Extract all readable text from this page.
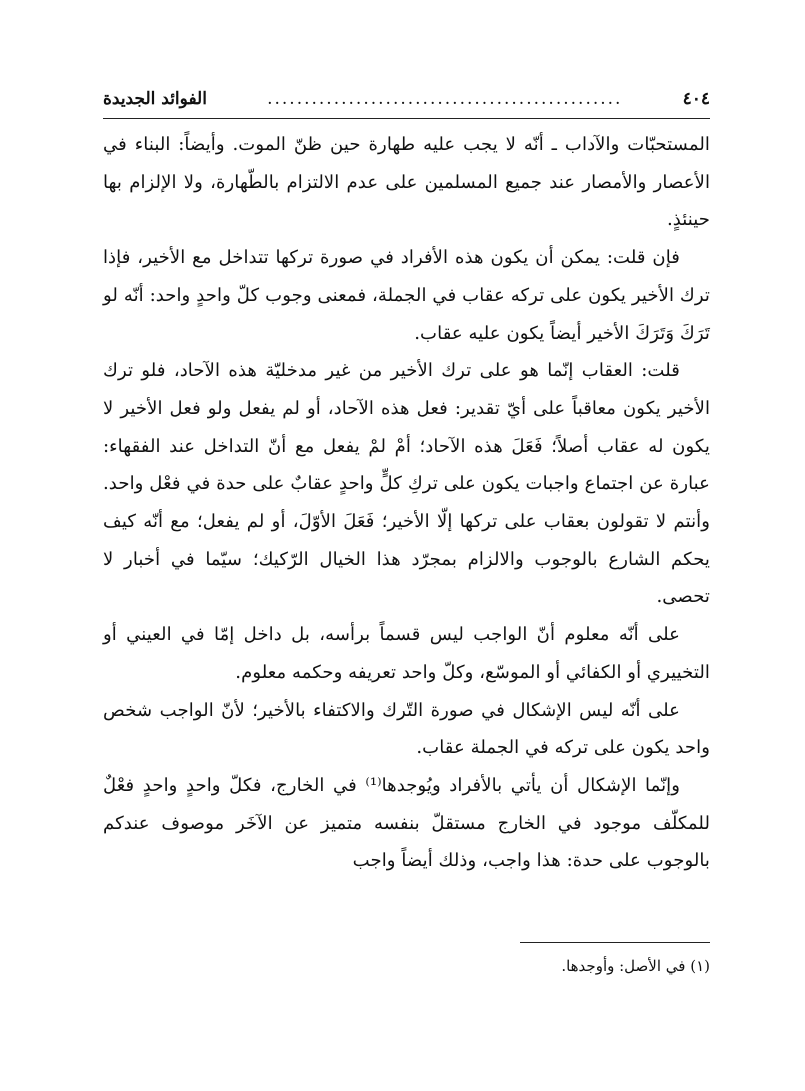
٤٠٤
................................................
الفوائد الجديدة

المستحبّات والآداب ـ أنّه لا يجب عليه طهارة حين ظنّ الموت. وأيضاً: البناء في الأعصار والأمصار عند جميع المسلمين على عدم الالتزام بالطّهارة، ولا الإلزام بها حينئذٍ.

فإن قلت: يمكن أن يكون هذه الأفراد في صورة تركها تتداخل مع الأخير، فإذا ترك الأخير يكون على تركه عقاب في الجملة، فمعنى وجوب كلّ واحدٍ واحد: أنّه لو تَرَكَ وَتَرَكَ الأخير أيضاً يكون عليه عقاب.

قلت: العقاب إنّما هو على ترك الأخير من غير مدخليّة هذه الآحاد، فلو ترك الأخير يكون معاقباً على أيّ تقدير: فعل هذه الآحاد، أو لم يفعل ولو فعل الأخير لا يكون له عقاب أصلاً؛ فَعَلَ هذه الآحاد؛ أمْ لمْ يفعل مع أنّ التداخل عند الفقهاء: عبارة عن اجتماع واجبات يكون على تركِ كلٍّ واحدٍ عقابٌ على حدة في فعْل واحد. وأنتم لا تقولون بعقاب على تركها إلّا الأخير؛ فَعَلَ الأوّلَ، أو لم يفعل؛ مع أنّه كيف يحكم الشارع بالوجوب والالزام بمجرّد هذا الخيال الرّكيك؛ سيّما في أخبار لا تحصى.

على أنّه معلوم أنّ الواجب ليس قسماً برأسه، بل داخل إمّا في العيني أو التخييري أو الكفائي أو الموسّع، وكلّ واحد تعريفه وحكمه معلوم.

على أنّه ليس الإشكال في صورة التّرك والاكتفاء بالأخير؛ لأنّ الواجب شخص واحد يكون على تركه في الجملة عقاب.

وإنّما الإشكال أن يأتي بالأفراد ويُوجدها⁽¹⁾ في الخارج، فكلّ واحدٍ واحدٍ فعْلٌ للمكلّف موجود في الخارج مستقلّ بنفسه متميز عن الآخَر موصوف عندكم بالوجوب على حدة: هذا واجب، وذلك أيضاً واجب

(١) في الأصل: وأوجدها.
